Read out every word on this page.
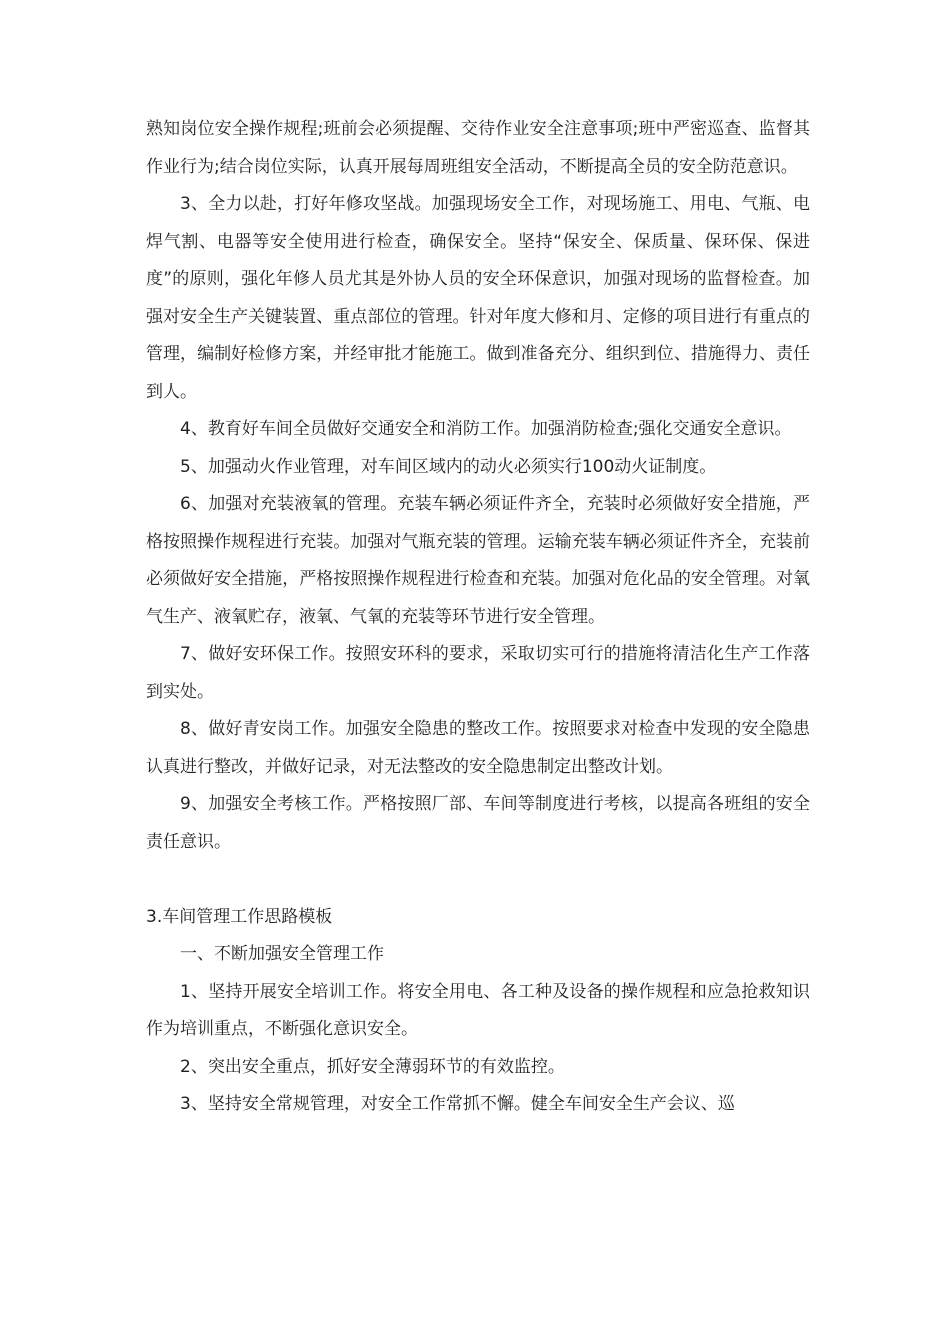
熟知岗位安全操作规程;班前会必须提醒、交待作业安全注意事项;班中严密巡查、监督其作业行为;结合岗位实际，认真开展每周班组安全活动，不断提高全员的安全防范意识。

3、全力以赴，打好年修攻坚战。加强现场安全工作，对现场施工、用电、气瓶、电焊气割、电器等安全使用进行检查，确保安全。坚持“保安全、保质量、保环保、保进度”的原则，强化年修人员尤其是外协人员的安全环保意识，加强对现场的监督检查。加强对安全生产关键装置、重点部位的管理。针对年度大修和月、定修的项目进行有重点的管理，编制好检修方案，并经审批才能施工。做到准备充分、组织到位、措施得力、责任到人。

4、教育好车间全员做好交通安全和消防工作。加强消防检查;强化交通安全意识。

5、加强动火作业管理，对车间区域内的动火必须实行100动火证制度。

6、加强对充装液氧的管理。充装车辆必须证件齐全，充装时必须做好安全措施，严格按照操作规程进行充装。加强对气瓶充装的管理。运输充装车辆必须证件齐全，充装前必须做好安全措施，严格按照操作规程进行检查和充装。加强对危化品的安全管理。对氧气生产、液氧贮存，液氧、气氧的充装等环节进行安全管理。

7、做好安环保工作。按照安环科的要求，采取切实可行的措施将清洁化生产工作落到实处。

8、做好青安岗工作。加强安全隐患的整改工作。按照要求对检查中发现的安全隐患认真进行整改，并做好记录，对无法整改的安全隐患制定出整改计划。

9、加强安全考核工作。严格按照厂部、车间等制度进行考核，以提高各班组的安全责任意识。

3.车间管理工作思路模板

一、不断加强安全管理工作

1、坚持开展安全培训工作。将安全用电、各工种及设备的操作规程和应急抢救知识作为培训重点，不断强化意识安全。

2、突出安全重点，抓好安全薄弱环节的有效监控。

3、坚持安全常规管理，对安全工作常抓不懈。健全车间安全生产会议、巡
